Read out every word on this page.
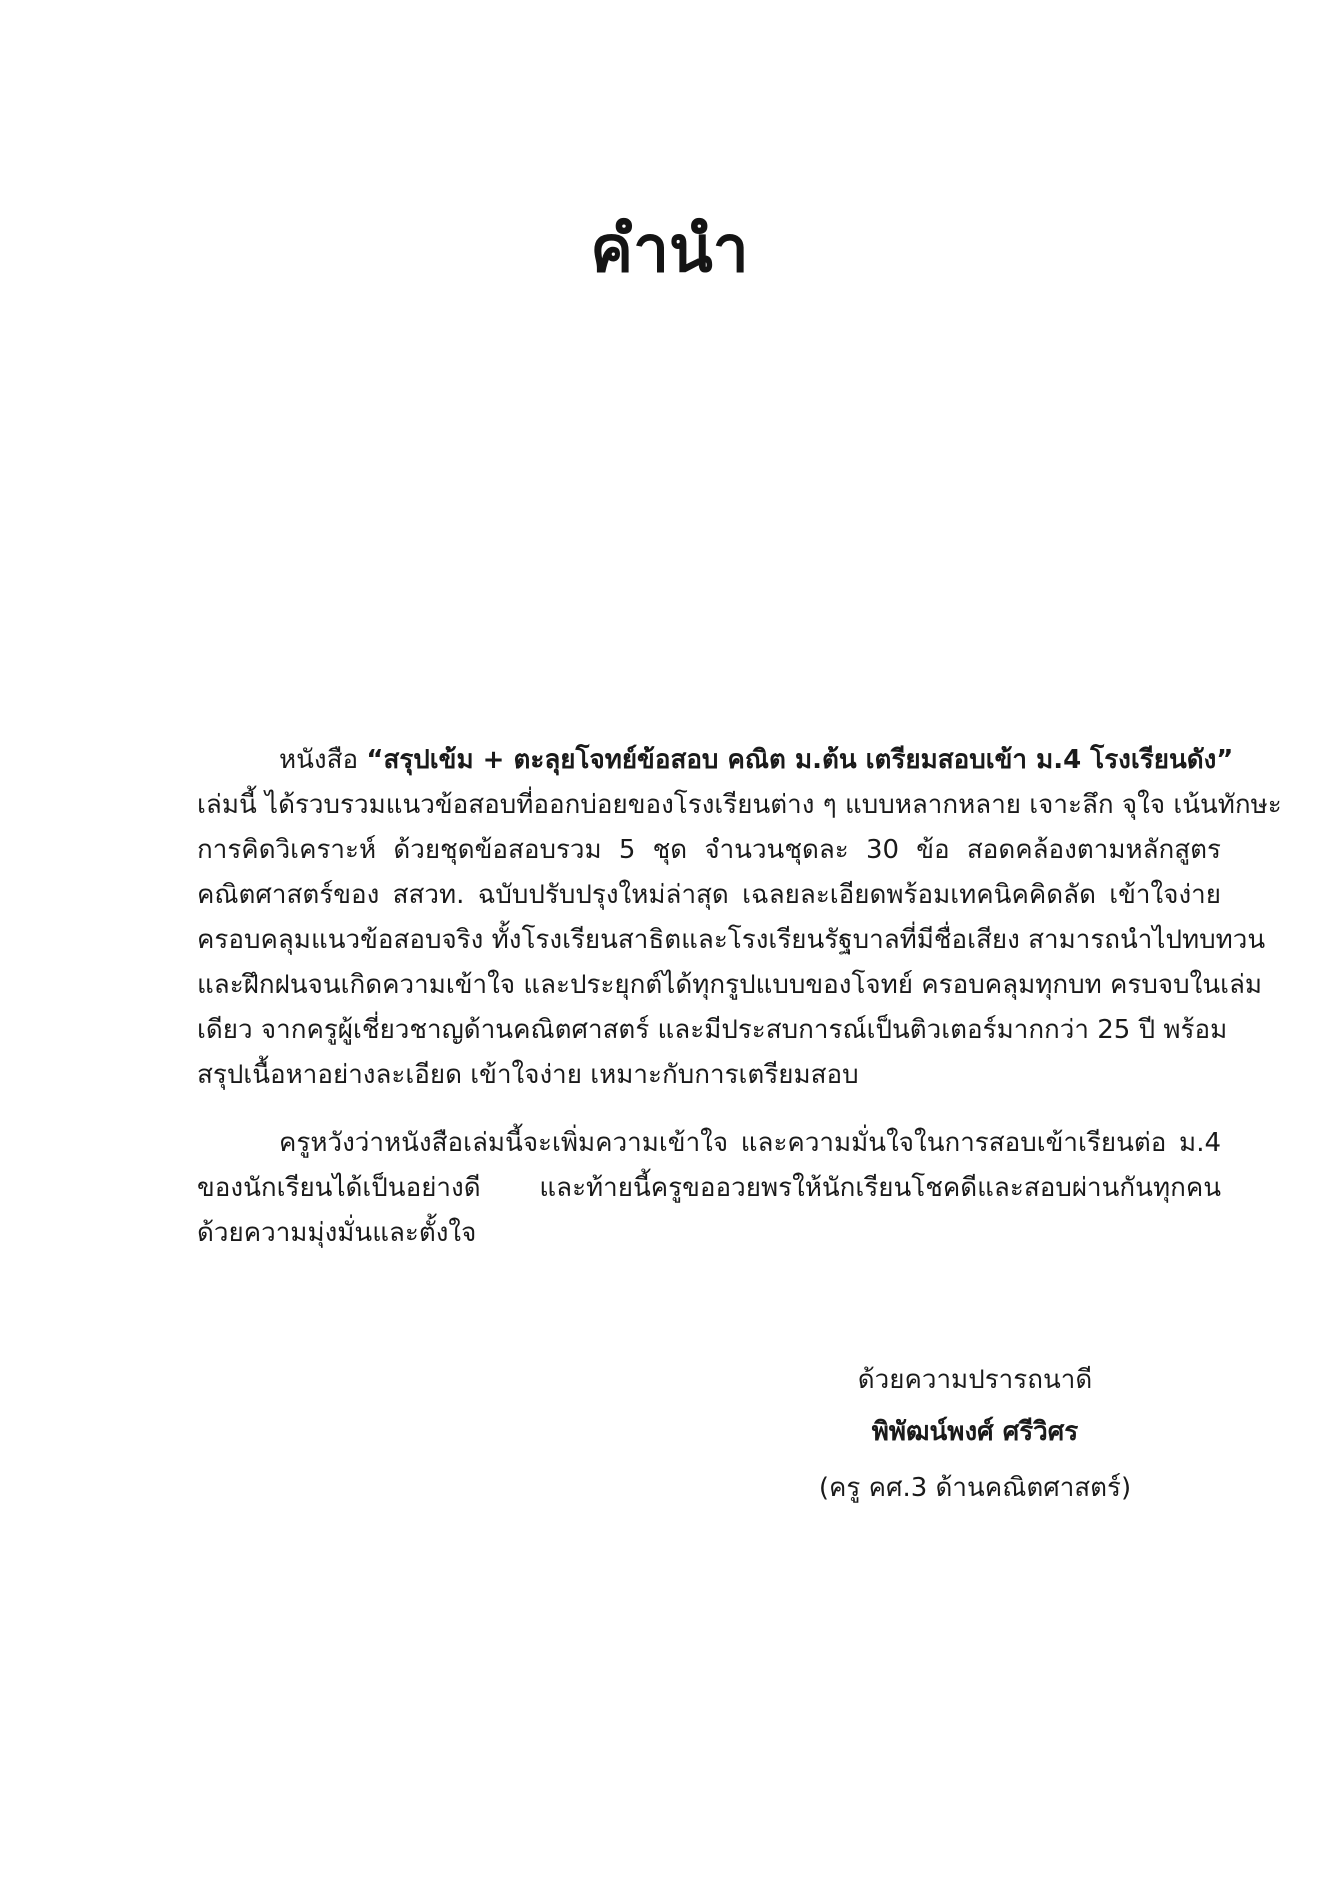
คำนำ
หนังสือ “สรุปเข้ม + ตะลุยโจทย์ข้อสอบ คณิต ม.ต้น เตรียมสอบเข้า ม.4 โรงเรียนดัง”
เล่มนี้ ได้รวบรวมแนวข้อสอบที่ออกบ่อยของโรงเรียนต่าง ๆ แบบหลากหลาย เจาะลึก จุใจ เน้นทักษะ
การคิดวิเคราะห์ ด้วยชุดข้อสอบรวม 5 ชุด จำนวนชุดละ 30 ข้อ สอดคล้องตามหลักสูตร
คณิตศาสตร์ของ สสวท. ฉบับปรับปรุงใหม่ล่าสุด เฉลยละเอียดพร้อมเทคนิคคิดลัด เข้าใจง่าย
ครอบคลุมแนวข้อสอบจริง ทั้งโรงเรียนสาธิตและโรงเรียนรัฐบาลที่มีชื่อเสียง สามารถนำไปทบทวน
และฝึกฝนจนเกิดความเข้าใจ และประยุกต์ได้ทุกรูปแบบของโจทย์ ครอบคลุมทุกบท ครบจบในเล่ม
เดียว จากครูผู้เชี่ยวชาญด้านคณิตศาสตร์ และมีประสบการณ์เป็นติวเตอร์มากกว่า 25 ปี พร้อม
สรุปเนื้อหาอย่างละเอียด เข้าใจง่าย เหมาะกับการเตรียมสอบ
ครูหวังว่าหนังสือเล่มนี้จะเพิ่มความเข้าใจ และความมั่นใจในการสอบเข้าเรียนต่อ ม.4
ของนักเรียนได้เป็นอย่างดี และท้ายนี้ครูขออวยพรให้นักเรียนโชคดีและสอบผ่านกันทุกคน
ด้วยความมุ่งมั่นและตั้งใจ
ด้วยความปรารถนาดี
พิพัฒน์พงศ์ ศรีวิศร
(ครู คศ.3 ด้านคณิตศาสตร์)
